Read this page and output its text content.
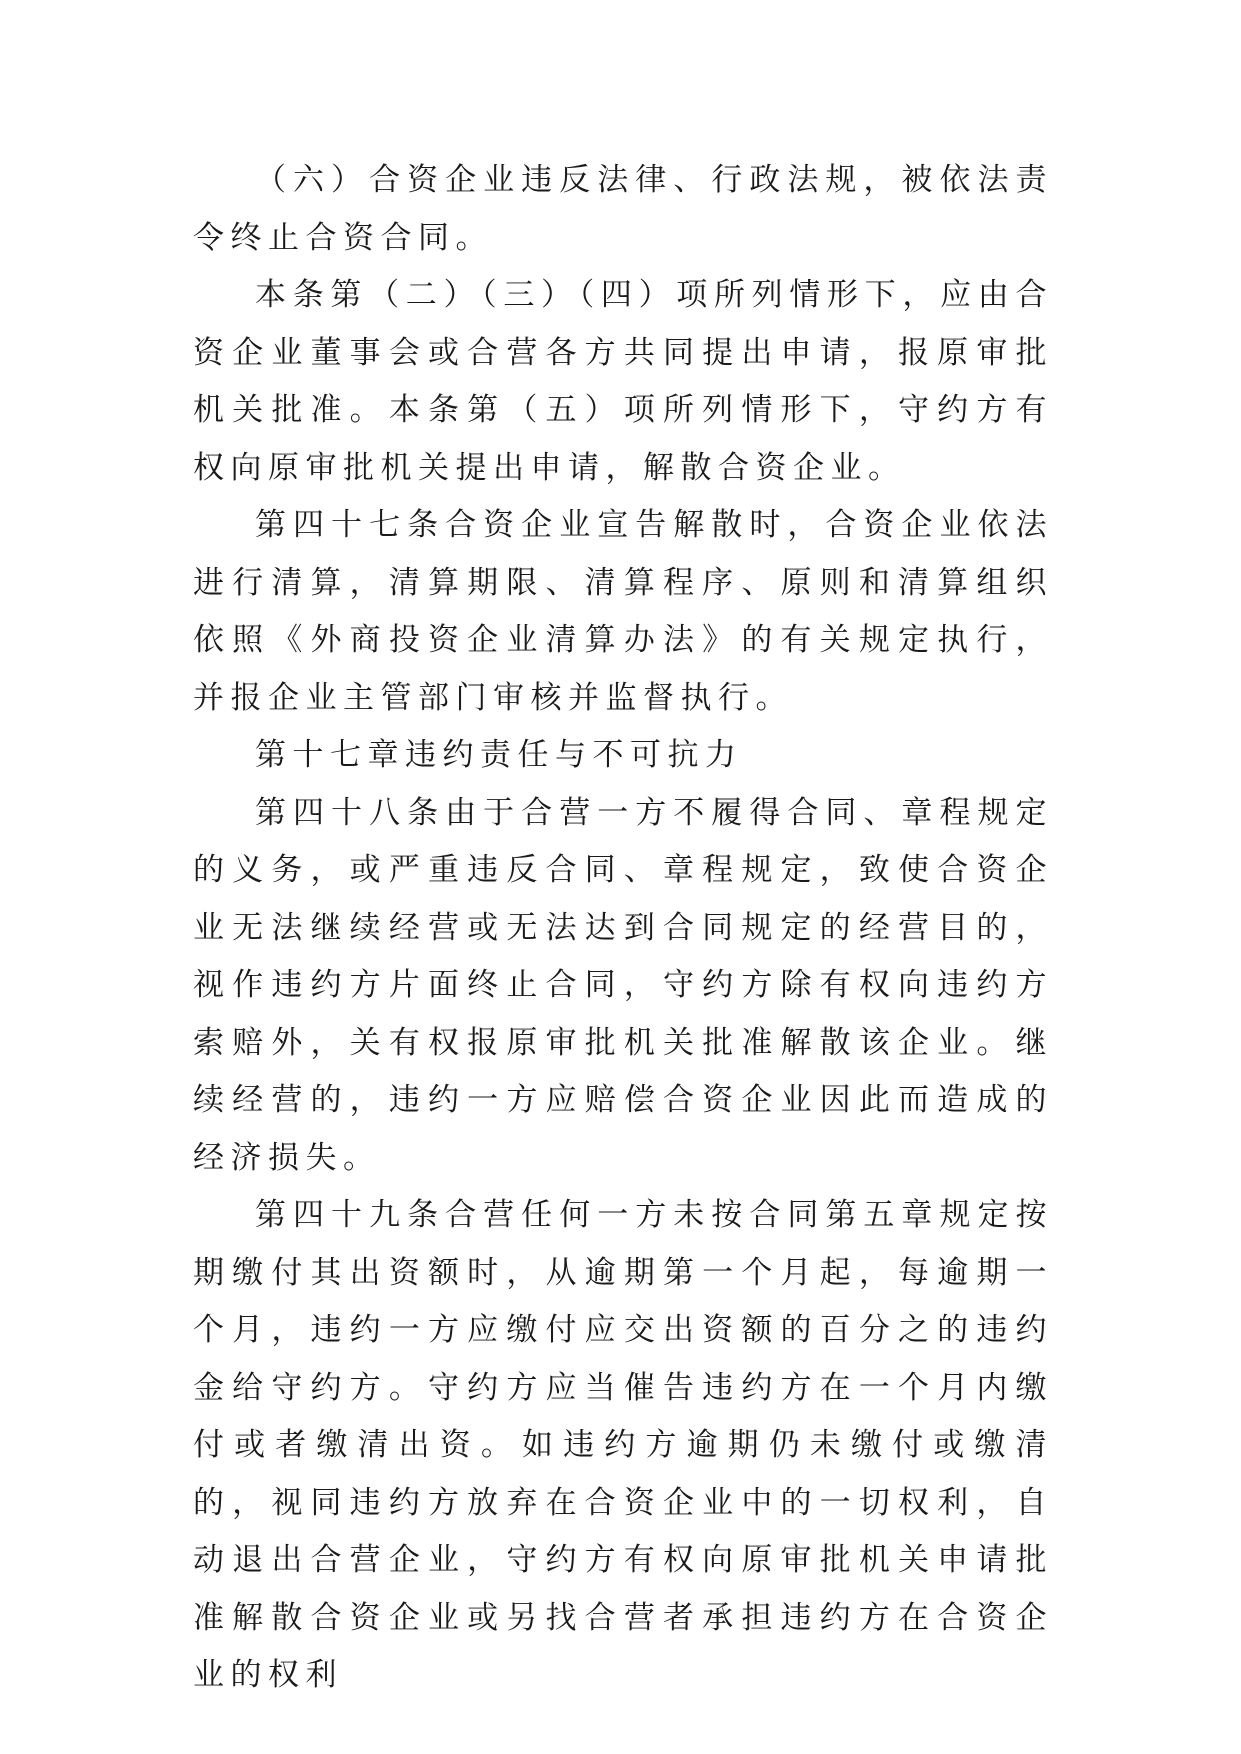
（六）合资企业违反法律、行政法规，被依法责令终止合资合同。

本条第（二）（三）（四）项所列情形下，应由合资企业董事会或合营各方共同提出申请，报原审批机关批准。本条第（五）项所列情形下，守约方有权向原审批机关提出申请，解散合资企业。

第四十七条合资企业宣告解散时，合资企业依法进行清算，清算期限、清算程序、原则和清算组织依照《外商投资企业清算办法》的有关规定执行，并报企业主管部门审核并监督执行。

第十七章违约责任与不可抗力

第四十八条由于合营一方不履得合同、章程规定的义务，或严重违反合同、章程规定，致使合资企业无法继续经营或无法达到合同规定的经营目的，视作违约方片面终止合同，守约方除有权向违约方索赔外，关有权报原审批机关批准解散该企业。继续经营的，违约一方应赔偿合资企业因此而造成的经济损失。

第四十九条合营任何一方未按合同第五章规定按期缴付其出资额时，从逾期第一个月起，每逾期一个月，违约一方应缴付应交出资额的百分之的违约金给守约方。守约方应当催告违约方在一个月内缴付或者缴清出资。如违约方逾期仍未缴付或缴清的，视同违约方放弃在合资企业中的一切权利，自动退出合营企业，守约方有权向原审批机关申请批准解散合资企业或另找合营者承担违约方在合资企业的权利
